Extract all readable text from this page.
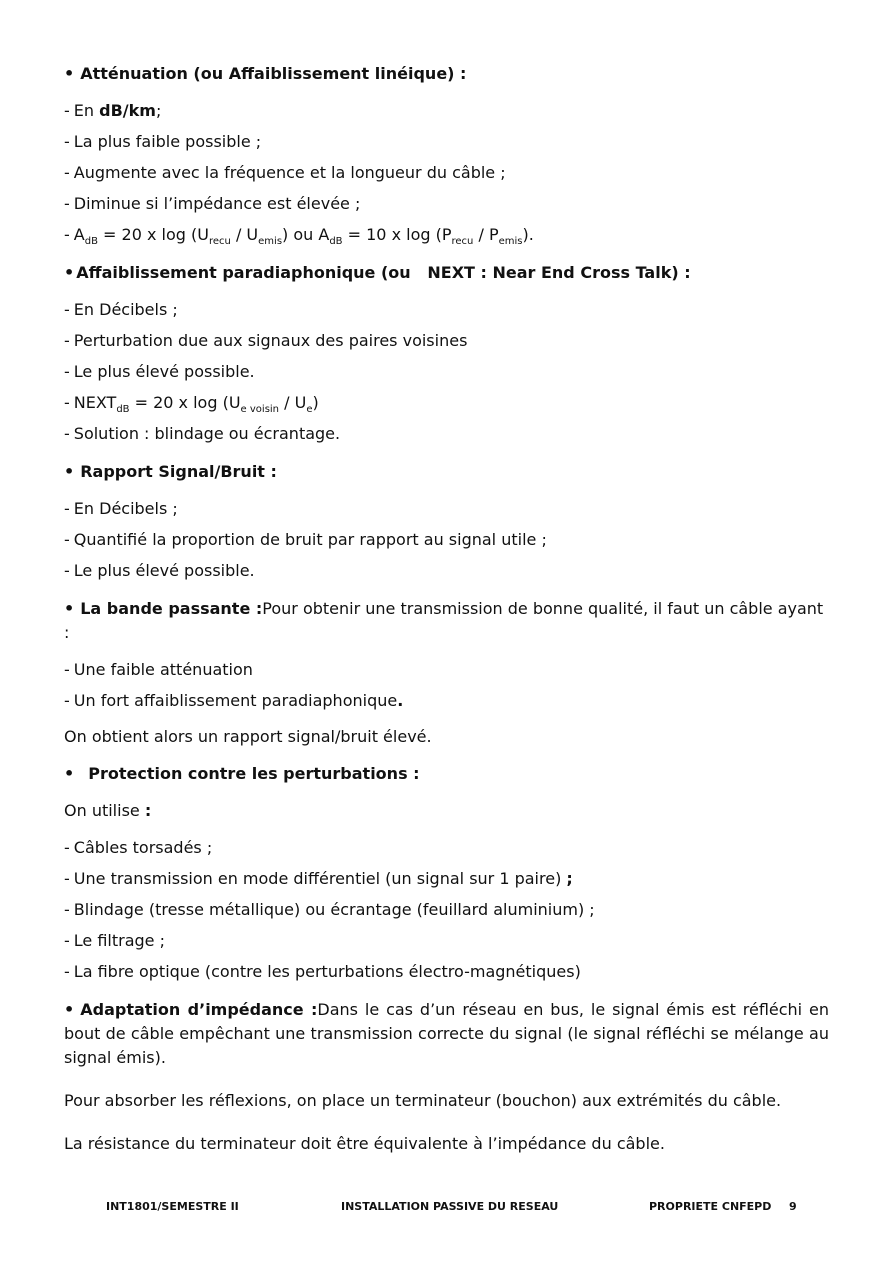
• Atténuation (ou Affaiblissement linéique) :
- En dB/km;
- La plus faible possible ;
- Augmente avec la fréquence et la longueur du câble ;
- Diminue si l’impédance est élevée ;
- $A_{dB} = 20$ x $\log (U_{recu} / U_{emis})$ ou $A_{dB} = 10$ x $\log (P_{recu} / P_{emis})$.
• Affaiblissement paradiaphonique (ou   NEXT : Near End Cross Talk) :
- En Décibels ;
- Perturbation due aux signaux des paires voisines
- Le plus élevé possible.
- $NEXT_{dB} = 20$ x $\log (U_{e voisin} / U_e)$
- Solution : blindage ou écrantage.
• Rapport Signal/Bruit :
- En Décibels ;
- Quantifié la proportion de bruit par rapport au signal utile ;
- Le plus élevé possible.
• La bande passante :Pour obtenir une transmission de bonne qualité, il faut un câble ayant :
- Une faible atténuation
- Un fort affaiblissement paradiaphonique.
On obtient alors un rapport signal/bruit élevé.
• Protection contre les perturbations :
On utilise :
- Câbles torsadés ;
- Une transmission en mode différentiel (un signal sur 1 paire) ;
- Blindage (tresse métallique) ou écrantage (feuillard aluminium) ;
- Le filtrage ;
- La fibre optique (contre les perturbations électro-magnétiques)
• Adaptation d’impédance :Dans le cas d’un réseau en bus, le signal émis est réfléchi en bout de câble empêchant une transmission correcte du signal (le signal réfléchi se mélange au signal émis).
Pour absorber les réflexions, on place un terminateur (bouchon) aux extrémités du câble.
La résistance du terminateur doit être équivalente à l’impédance du câble.
INT1801/SEMESTRE II	INSTALLATION PASSIVE DU RESEAU	PROPRIETE CNFEPD 9
